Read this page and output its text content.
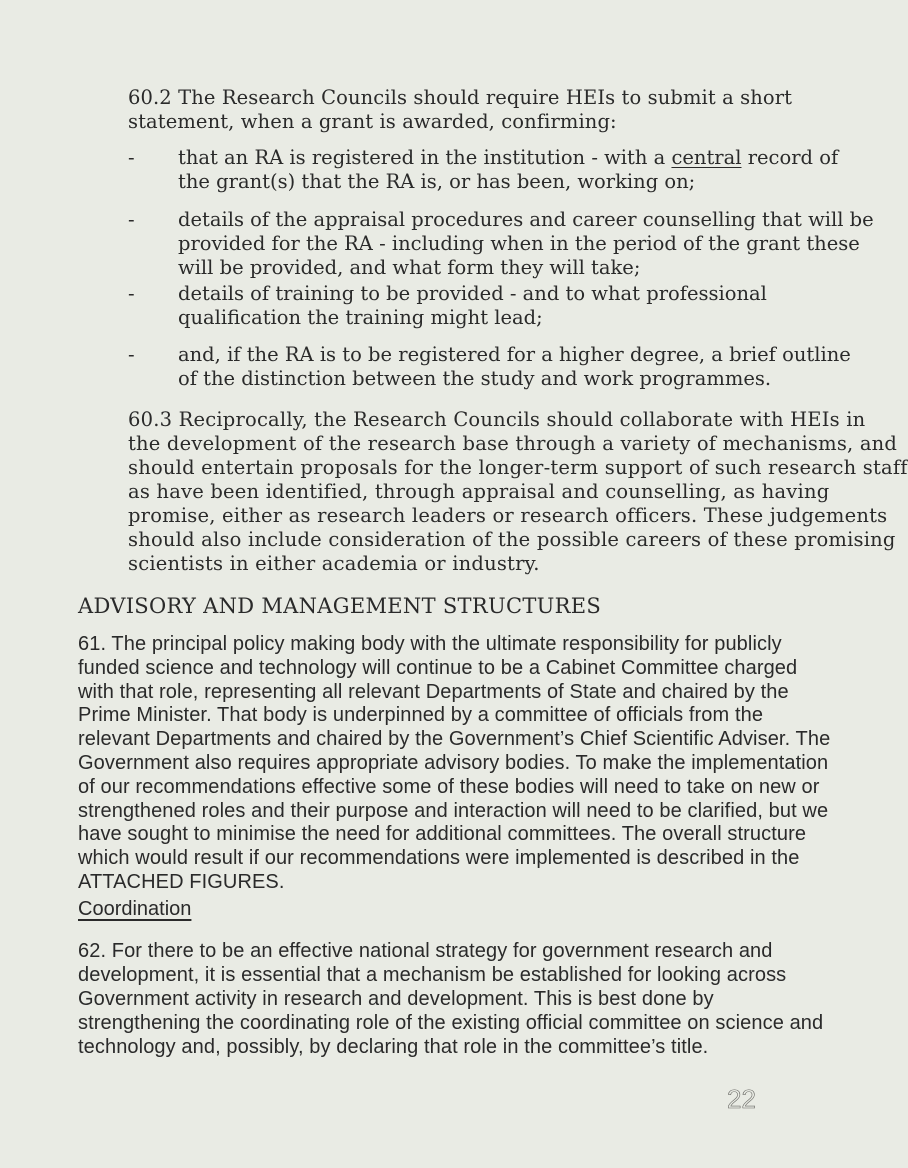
60.2 The Research Councils should require HEIs to submit a short
statement, when a grant is awarded, confirming:
- that an RA is registered in the institution - with a central record of
the grant(s) that the RA is, or has been, working on;
- details of the appraisal procedures and career counselling that will be
provided for the RA - including when in the period of the grant these
will be provided, and what form they will take;
- details of training to be provided - and to what professional
qualification the training might lead;
- and, if the RA is to be registered for a higher degree, a brief outline
of the distinction between the study and work programmes.
60.3 Reciprocally, the Research Councils should collaborate with HEIs in
the development of the research base through a variety of mechanisms, and
should entertain proposals for the longer-term support of such research staff
as have been identified, through appraisal and counselling, as having
promise, either as research leaders or research officers. These judgements
should also include consideration of the possible careers of these promising
scientists in either academia or industry.
ADVISORY AND MANAGEMENT STRUCTURES
61. The principal policy making body with the ultimate responsibility for publicly
funded science and technology will continue to be a Cabinet Committee charged
with that role, representing all relevant Departments of State and chaired by the
Prime Minister. That body is underpinned by a committee of officials from the
relevant Departments and chaired by the Government’s Chief Scientific Adviser. The
Government also requires appropriate advisory bodies. To make the implementation
of our recommendations effective some of these bodies will need to take on new or
strengthened roles and their purpose and interaction will need to be clarified, but we
have sought to minimise the need for additional committees. The overall structure
which would result if our recommendations were implemented is described in the
ATTACHED FIGURES.
Coordination
62. For there to be an effective national strategy for government research and
development, it is essential that a mechanism be established for looking across
Government activity in research and development. This is best done by
strengthening the coordinating role of the existing official committee on science and
technology and, possibly, by declaring that role in the committee’s title.
22
